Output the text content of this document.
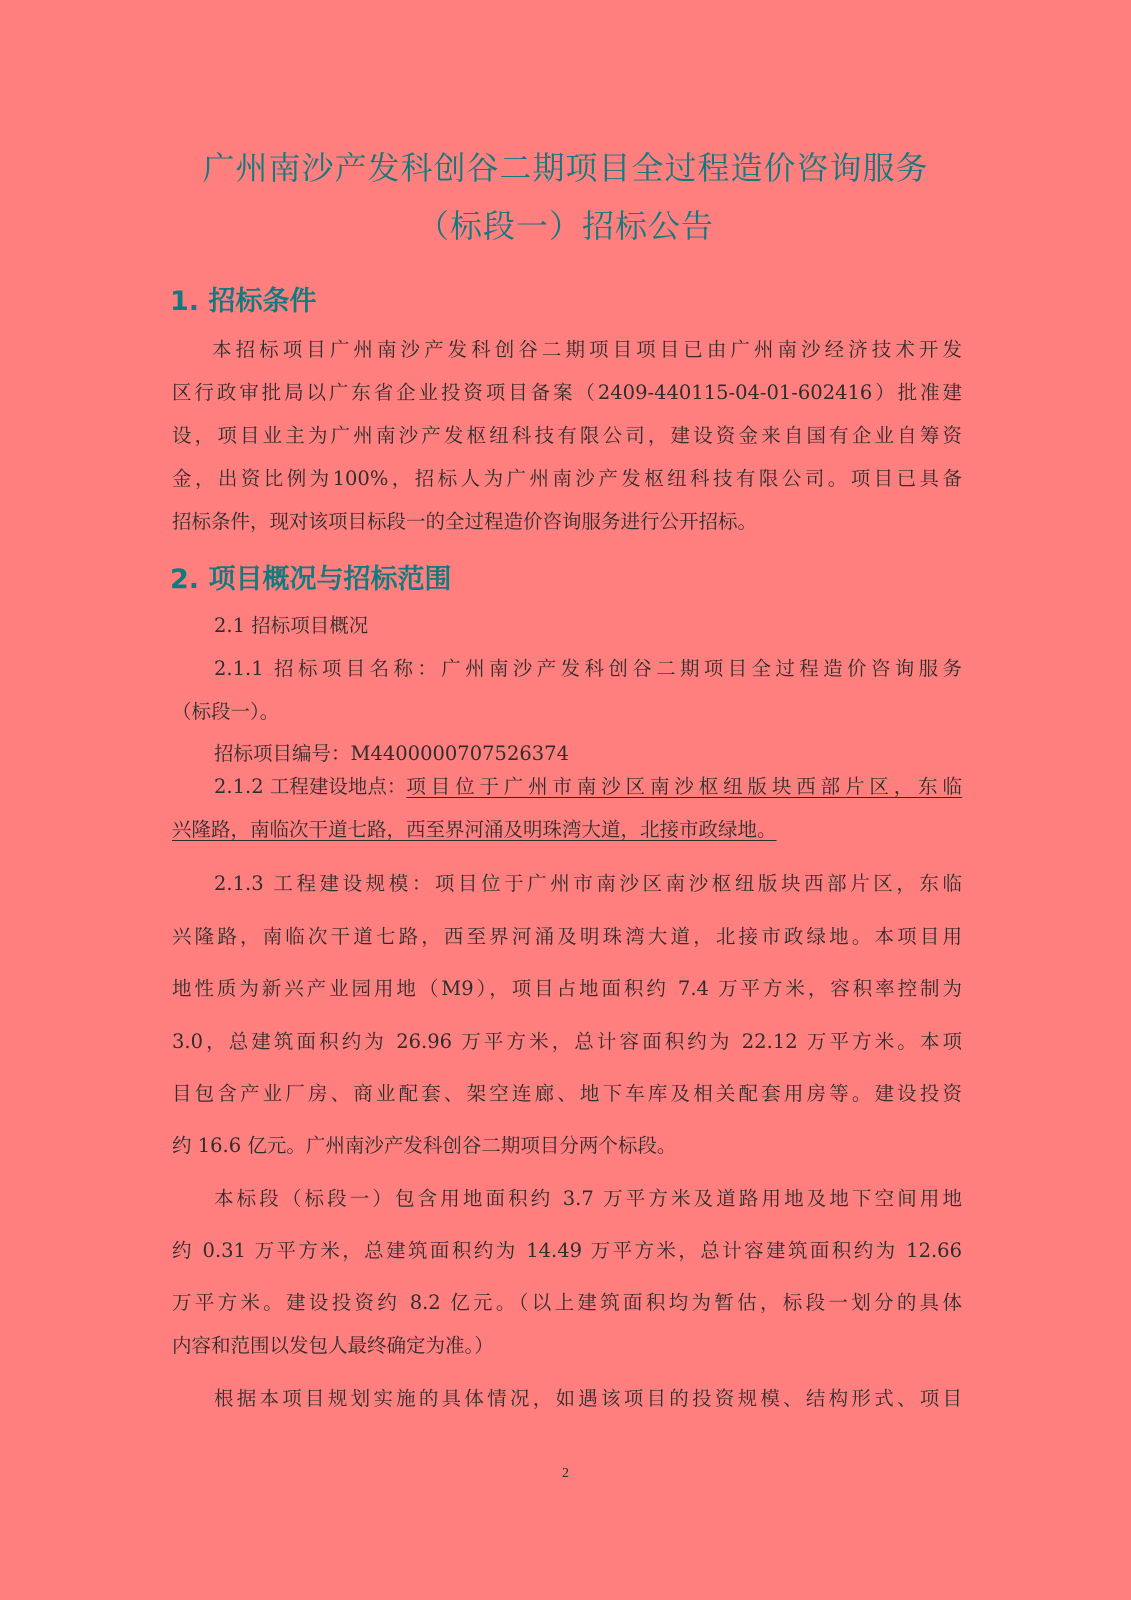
广州南沙产发科创谷二期项目全过程造价咨询服务
（标段一）招标公告
1. 招标条件
本招标项目广州南沙产发科创谷二期项目项目已由广州南沙经济技术开发
区行政审批局以广东省企业投资项目备案（2409-440115-04-01-602416）批准建
设，项目业主为广州南沙产发枢纽科技有限公司，建设资金来自国有企业自筹资
金，出资比例为100%，招标人为广州南沙产发枢纽科技有限公司。项目已具备
招标条件，现对该项目标段一的全过程造价咨询服务进行公开招标。
2. 项目概况与招标范围
2.1 招标项目概况
2.1.1 招标项目名称：广州南沙产发科创谷二期项目全过程造价咨询服务
（标段一）。
招标项目编号：M4400000707526374
2.1.2 工程建设地点： 项目位于广州市南沙区南沙枢纽版块西部片区，东临
兴隆路，南临次干道七路，西至界河涌及明珠湾大道，北接市政绿地。
2.1.3 工程建设规模：项目位于广州市南沙区南沙枢纽版块西部片区，东临
兴隆路，南临次干道七路，西至界河涌及明珠湾大道，北接市政绿地。本项目用
地性质为新兴产业园用地（M9），项目占地面积约 7.4 万平方米，容积率控制为
3.0，总建筑面积约为 26.96 万平方米，总计容面积约为 22.12 万平方米。本项
目包含产业厂房、商业配套、架空连廊、地下车库及相关配套用房等。建设投资
约 16.6 亿元。广州南沙产发科创谷二期项目分两个标段。
本标段（标段一）包含用地面积约 3.7 万平方米及道路用地及地下空间用地
约 0.31 万平方米，总建筑面积约为 14.49 万平方米，总计容建筑面积约为 12.66
万平方米。建设投资约 8.2 亿元。（以上建筑面积均为暂估，标段一划分的具体
内容和范围以发包人最终确定为准。）
根据本项目规划实施的具体情况，如遇该项目的投资规模、结构形式、项目
2
